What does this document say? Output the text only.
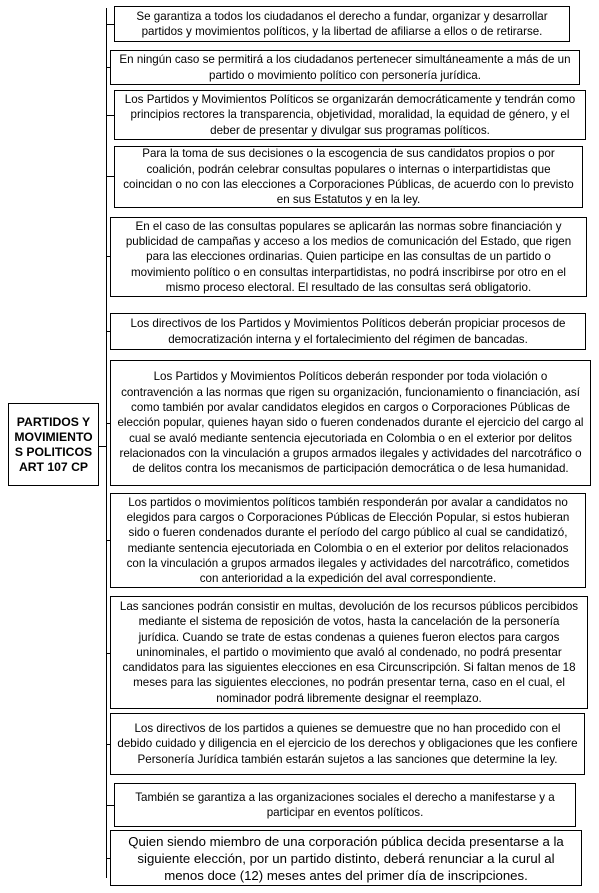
PARTIDOS Y
MOVIMIENTO
S POLITICOS
ART 107 CP
Se garantiza a todos los ciudadanos el derecho a fundar, organizar y desarrollar partidos y movimientos políticos, y la libertad de afiliarse a ellos o de retirarse.
En ningún caso se permitirá a los ciudadanos pertenecer simultáneamente a más de un partido o movimiento político con personería jurídica.
Los Partidos y Movimientos Políticos se organizarán democráticamente y tendrán como principios rectores la transparencia, objetividad, moralidad, la equidad de género, y el deber de presentar y divulgar sus programas políticos.
Para la toma de sus decisiones o la escogencia de sus candidatos propios o por coalición, podrán celebrar consultas populares o internas o interpartidistas que coincidan o no con las elecciones a Corporaciones Públicas, de acuerdo con lo previsto en sus Estatutos y en la ley.
En el caso de las consultas populares se aplicarán las normas sobre financiación y publicidad de campañas y acceso a los medios de comunicación del Estado, que rigen para las elecciones ordinarias. Quien participe en las consultas de un partido o movimiento político o en consultas interpartidistas, no podrá inscribirse por otro en el mismo proceso electoral. El resultado de las consultas será obligatorio.
Los directivos de los Partidos y Movimientos Políticos deberán propiciar procesos de democratización interna y el fortalecimiento del régimen de bancadas.
Los Partidos y Movimientos Políticos deberán responder por toda violación o contravención a las normas que rigen su organización, funcionamiento o financiación, así como también por avalar candidatos elegidos en cargos o Corporaciones Públicas de elección popular, quienes hayan sido o fueren condenados durante el ejercicio del cargo al cual se avaló mediante sentencia ejecutoriada en Colombia o en el exterior por delitos relacionados con la vinculación a grupos armados ilegales y actividades del narcotráfico o de delitos contra los mecanismos de participación democrática o de lesa humanidad.
Los partidos o movimientos políticos también responderán por avalar a candidatos no elegidos para cargos o Corporaciones Públicas de Elección Popular, si estos hubieran sido o fueren condenados durante el período del cargo público al cual se candidatizó, mediante sentencia ejecutoriada en Colombia o en el exterior por delitos relacionados con la vinculación a grupos armados ilegales y actividades del narcotráfico, cometidos con anterioridad a la expedición del aval correspondiente.
Las sanciones podrán consistir en multas, devolución de los recursos públicos percibidos mediante el sistema de reposición de votos, hasta la cancelación de la personería jurídica. Cuando se trate de estas condenas a quienes fueron electos para cargos uninominales, el partido o movimiento que avaló al condenado, no podrá presentar candidatos para las siguientes elecciones en esa Circunscripción. Si faltan menos de 18 meses para las siguientes elecciones, no podrán presentar terna, caso en el cual, el nominador podrá libremente designar el reemplazo.
Los directivos de los partidos a quienes se demuestre que no han procedido con el debido cuidado y diligencia en el ejercicio de los derechos y obligaciones que les confiere Personería Jurídica también estarán sujetos a las sanciones que determine la ley.
También se garantiza a las organizaciones sociales el derecho a manifestarse y a participar en eventos políticos.
Quien siendo miembro de una corporación pública decida presentarse a la siguiente elección, por un partido distinto, deberá renunciar a la curul al menos doce (12) meses antes del primer día de inscripciones.
